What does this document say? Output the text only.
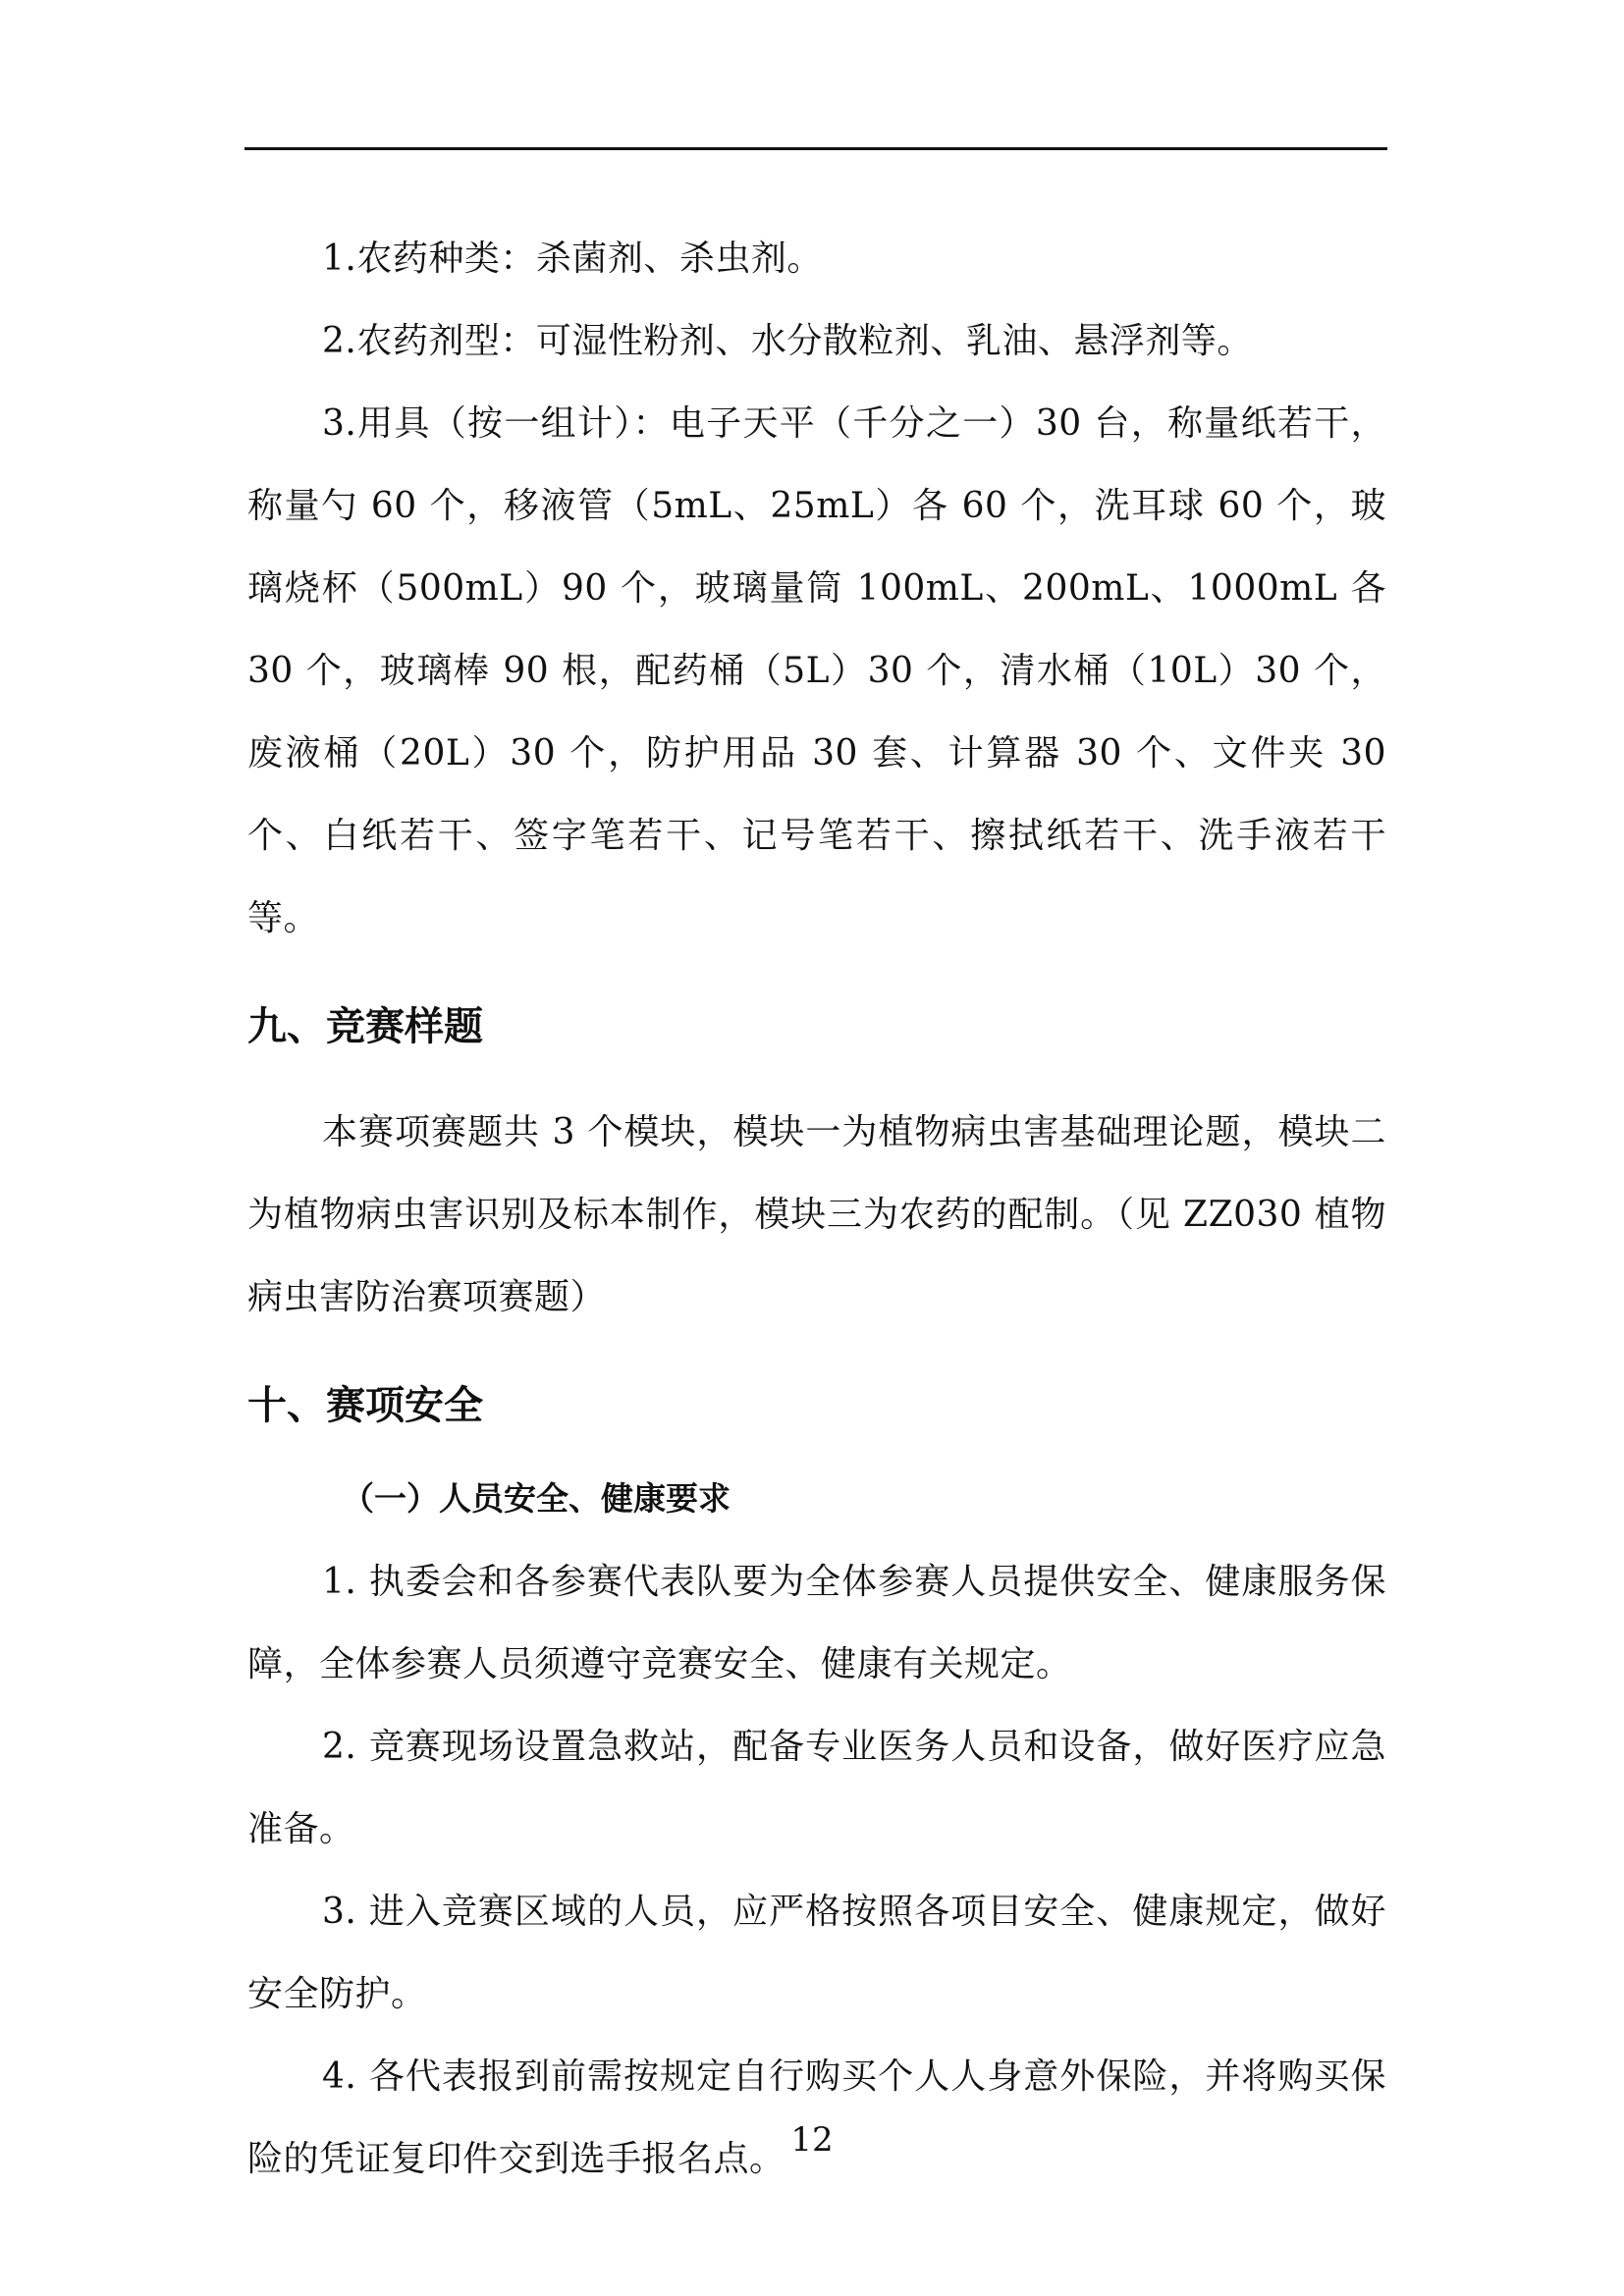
1.农药种类：杀菌剂、杀虫剂。

2.农药剂型：可湿性粉剂、水分散粒剂、乳油、悬浮剂等。

3.用具（按一组计）：电子天平（千分之一）30 台，称量纸若干，称量勺 60 个，移液管（5mL、25mL）各 60 个，洗耳球 60 个，玻璃烧杯（500mL）90 个，玻璃量筒 100mL、200mL、1000mL 各 30 个，玻璃棒 90 根，配药桶（5L）30 个，清水桶（10L）30 个，废液桶（20L）30 个，防护用品 30 套、计算器 30 个、文件夹 30 个、白纸若干、签字笔若干、记号笔若干、擦拭纸若干、洗手液若干等。

九、竞赛样题

本赛项赛题共 3 个模块，模块一为植物病虫害基础理论题，模块二为植物病虫害识别及标本制作，模块三为农药的配制。（见 ZZ030 植物病虫害防治赛项赛题）

十、赛项安全
（一）人员安全、健康要求

1. 执委会和各参赛代表队要为全体参赛人员提供安全、健康服务保障，全体参赛人员须遵守竞赛安全、健康有关规定。

2. 竞赛现场设置急救站，配备专业医务人员和设备，做好医疗应急准备。

3. 进入竞赛区域的人员，应严格按照各项目安全、健康规定，做好安全防护。

4. 各代表报到前需按规定自行购买个人人身意外保险，并将购买保险的凭证复印件交到选手报名点。 12
